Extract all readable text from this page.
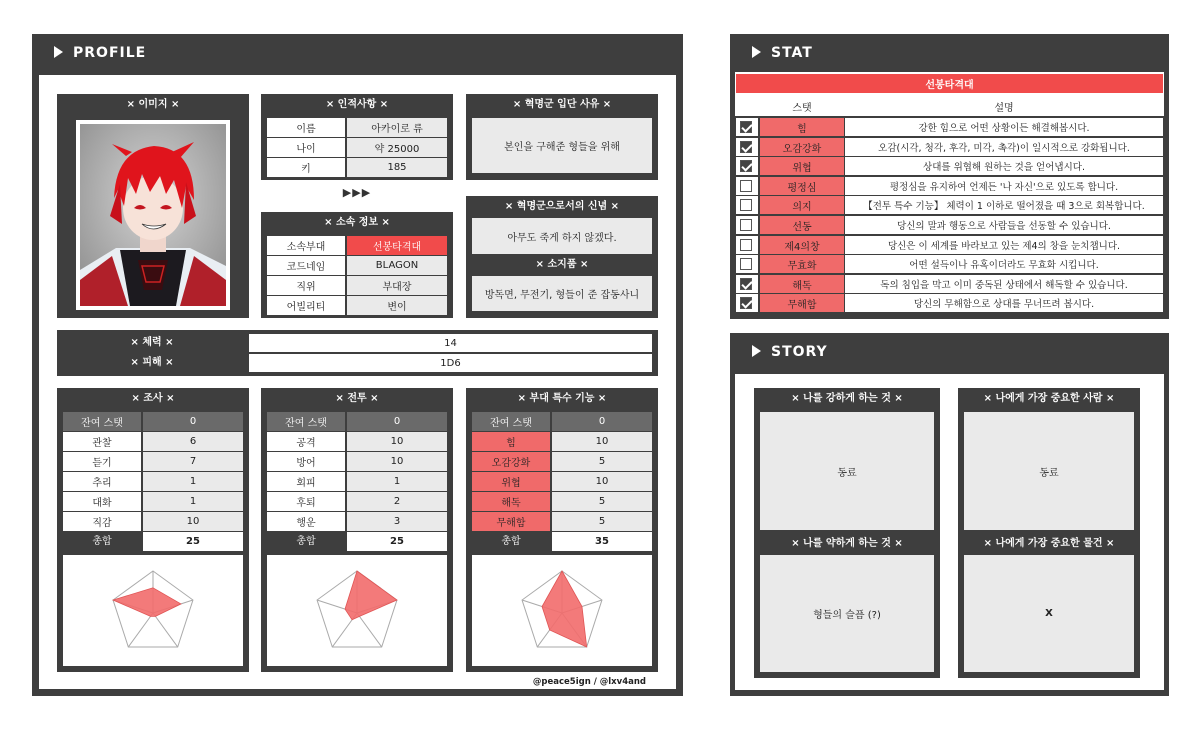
PROFILE
× 이미지 ×	× 인적사항 ×
이름	아카이로 류
나이	약 25000
키	185
▶▶▶
× 소속 정보 ×
소속부대	선봉타격대
코드네임	BLAGON
직위	부대장
어빌리티	변이
× 혁명군 입단 사유 ×
본인을 구해준 형들을 위해
× 혁명군으로서의 신념 ×
아무도 죽게 하지 않겠다.
× 소지품 ×
방독면, 무전기, 형들이 준 잡동사니
× 체력 ×	14
× 피해 ×	1D6
× 조사 ×
잔여 스탯	0
관찰	6
듣기	7
추리	1
대화	1
직감	10
총합	25
× 전투 ×
잔여 스탯	0
공격	10
방어	10
회피	1
후퇴	2
행운	3
총합	25
× 부대 특수 기능 ×
잔여 스탯	0
힘	10
오감강화	5
위협	10
해독	5
무해함	5
총합	35
@peace5ign / @lxv4and
STAT
선봉타격대
스탯	설명
힘	강한 힘으로 어떤 상황이든 해결해봅시다.
오감강화	오감(시각, 청각, 후각, 미각, 촉각)이 일시적으로 강화됩니다.
위협	상대를 위협해 원하는 것을 얻어냅시다.
평정심	평정심을 유지하여 언제든 '나 자신'으로 있도록 합니다.
의지	【전투 특수 기능】 체력이 1 이하로 떨어졌을 때 3으로 회복합니다.
선동	당신의 말과 행동으로 사람들을 선동할 수 있습니다.
제4의창	당신은 이 세계를 바라보고 있는 제4의 창을 눈치챕니다.
무효화	어떤 설득이나 유혹이더라도 무효화 시킵니다.
해독	독의 침입을 막고 이미 중독된 상태에서 해독할 수 있습니다.
무해함	당신의 무해함으로 상대를 무너뜨려 봅시다.
STORY
× 나를 강하게 하는 것 ×
동료
× 나에게 가장 중요한 사람 ×
동료
× 나를 약하게 하는 것 ×
형들의 슬픔 (?)
× 나에게 가장 중요한 물건 ×
X
